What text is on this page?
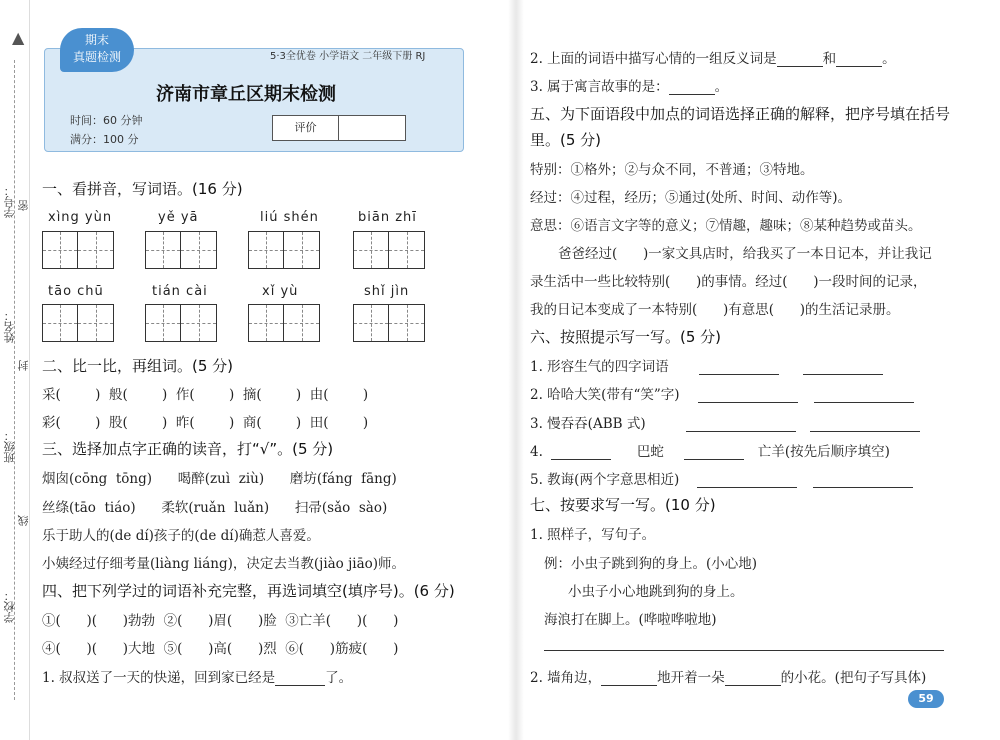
▲
学号：
姓名：
班级：
学校：
密
封
线
期末
真题检测	5·3全优卷 小学语文 二年级下册 RJ
济南市章丘区期末检测
时间：60 分钟
满分：100 分
评价
一、看拼音，写词语。(16 分)
xìng yùn	yě yā	liú shén	biān zhī
tāo chū	tián cài	xǐ yù	shǐ jìn
二、比一比，再组词。(5 分)
采(        )  般(        )  作(        )  摘(        )  由(        )
彩(        )  股(        )  昨(        )  商(        )  田(        )
三、选择加点字正确的读音，打“√”。(5 分)
烟囱(cōng  tōng)      喝醉(zuì  ziù)      磨坊(fáng  fāng)
丝绦(tāo  tiáo)      柔软(ruǎn  luǎn)      扫帚(sǎo  sào)
乐于助人的(de dí)孩子的(de dí)确惹人喜爱。
小姨经过仔细考量(liàng liáng)，决定去当教(jiào jiāo)师。
四、把下列学过的词语补充完整，再选词填空(填序号)。(6 分)
①(      )(      )勃勃  ②(      )眉(      )脸  ③亡羊(      )(      )
④(      )(      )大地  ⑤(      )高(      )烈  ⑥(      )筋疲(      )
1. 叔叔送了一天的快递，回到家已经是	了。
2. 上面的词语中描写心情的一组反义词是	和	。
3. 属于寓言故事的是：	。
五、为下面语段中加点的词语选择正确的解释，把序号填在括号里。(5 分)
特别：①格外；②与众不同，不普通；③特地。
经过：④过程，经历；⑤通过(处所、时间、动作等)。
意思：⑥语言文字等的意义；⑦情趣，趣味；⑧某种趋势或苗头。
爸爸经过(      )一家文具店时，给我买了一本日记本，并让我记
录生活中一些比较特别(      )的事情。经过(      )一段时间的记录，
我的日记本变成了一本特别(      )有意思(      )的生活记录册。
六、按照提示写一写。(5 分)
1. 形容生气的四字词语
2. 哈哈大笑(带有“笑”字)
3. 慢吞吞(ABB 式)
4.	巴蛇	亡羊(按先后顺序填空)
5. 教诲(两个字意思相近)
七、按要求写一写。(10 分)
1. 照样子，写句子。
例：小虫子跳到狗的身上。(小心地)
小虫子小心地跳到狗的身上。
海浪打在脚上。(哗啦哗啦地)
2. 墙角边，	地开着一朵	的小花。(把句子写具体)
59
